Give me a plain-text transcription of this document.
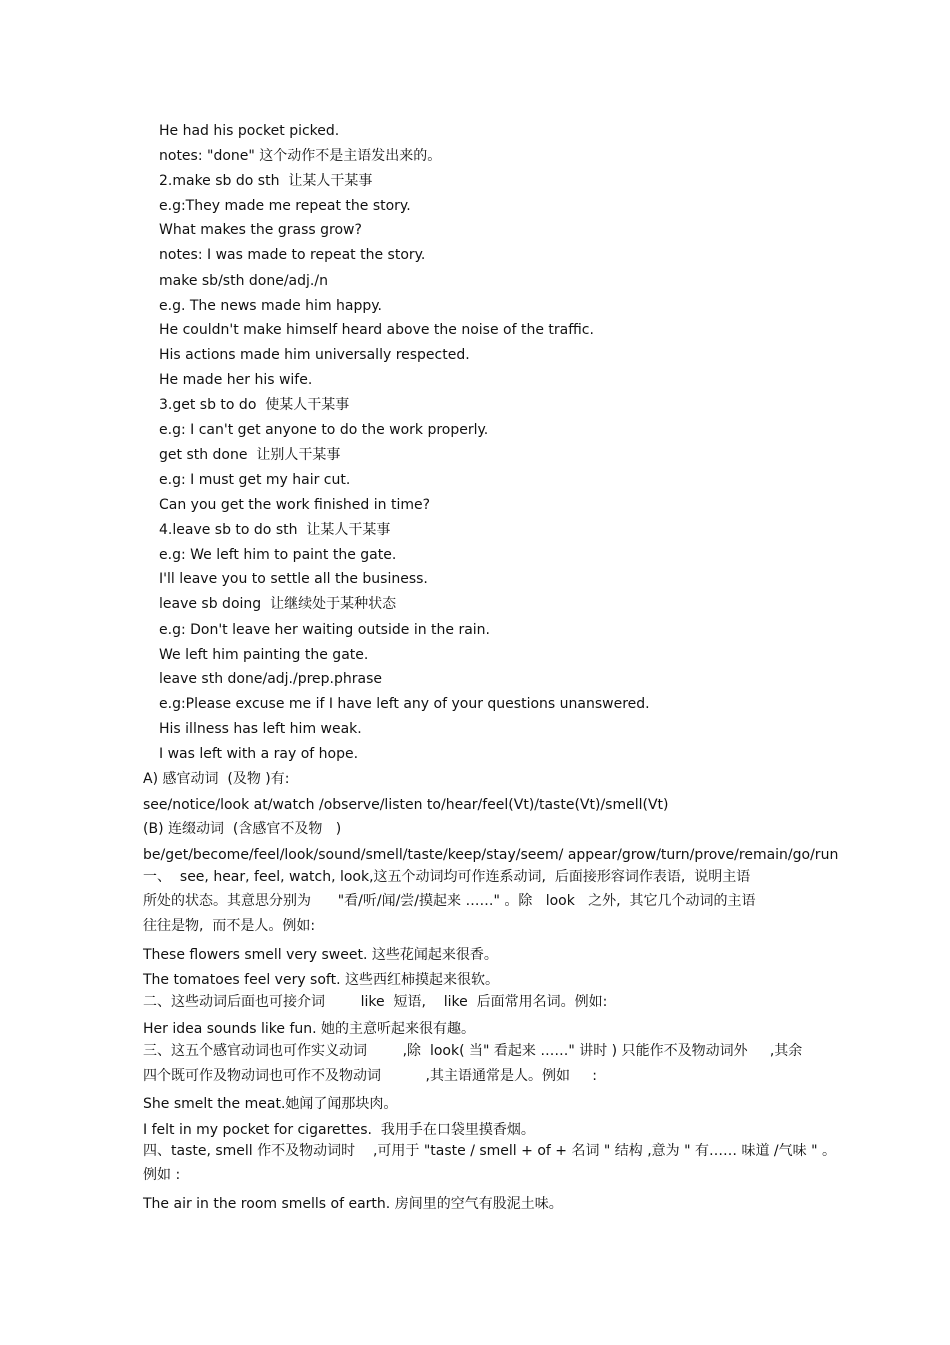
He had his pocket picked.
notes: "done" 这个动作不是主语发出来的。
2.make sb do sth  让某人干某事
e.g:They made me repeat the story.
What makes the grass grow?
notes: I was made to repeat the story.
make sb/sth done/adj./n
e.g. The news made him happy.
He couldn't make himself heard above the noise of the traffic.
His actions made him universally respected.
He made her his wife.
3.get sb to do  使某人干某事
e.g: I can't get anyone to do the work properly.
get sth done  让别人干某事
e.g: I must get my hair cut.
Can you get the work finished in time?
4.leave sb to do sth  让某人干某事
e.g: We left him to paint the gate.
I'll leave you to settle all the business.
leave sb doing  让继续处于某种状态
e.g: Don't leave her waiting outside in the rain.
We left him painting the gate.
leave sth done/adj./prep.phrase
e.g:Please excuse me if I have left any of your questions unanswered.
His illness has left him weak.
I was left with a ray of hope.
A) 感官动词  (及物 )有:
see/notice/look at/watch /observe/listen to/hear/feel(Vt)/taste(Vt)/smell(Vt)
(B) 连缀动词  (含感官不及物   )
be/get/become/feel/look/sound/smell/taste/keep/stay/seem/ appear/grow/turn/prove/remain/go/run
一、  see, hear, feel, watch, look,这五个动词均可作连系动词,  后面接形容词作表语,  说明主语
所处的状态。其意思分别为      "看/听/闻/尝/摸起来 ……" 。除   look   之外,  其它几个动词的主语
往往是物,  而不是人。例如:
These flowers smell very sweet. 这些花闻起来很香。
The tomatoes feel very soft. 这些西红柿摸起来很软。
二、这些动词后面也可接介词        like  短语,    like  后面常用名词。例如:
Her idea sounds like fun. 她的主意听起来很有趣。
三、这五个感官动词也可作实义动词        ,除  look( 当" 看起来 ……" 讲时 ) 只能作不及物动词外     ,其余
四个既可作及物动词也可作不及物动词          ,其主语通常是人。例如     :
She smelt the meat.她闻了闻那块肉。
I felt in my pocket for cigarettes.  我用手在口袋里摸香烟。
四、taste, smell 作不及物动词时    ,可用于 "taste / smell + of + 名词 " 结构 ,意为 " 有…… 味道 /气味 " 。
例如 :
The air in the room smells of earth. 房间里的空气有股泥土味。
